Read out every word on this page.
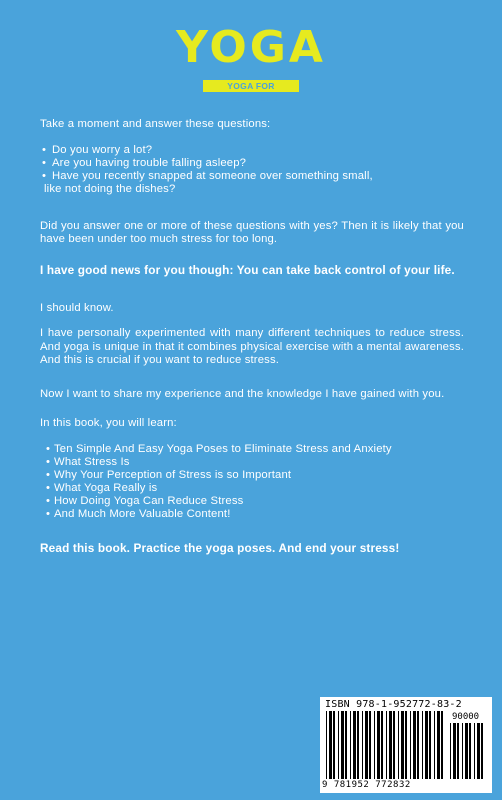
YOGA
YOGA FOR BEGINNERS

Take a moment and answer these questions:

• Do you worry a lot?
• Are you having trouble falling asleep?
• Have you recently snapped at someone over something small,
like not doing the dishes?

Did you answer one or more of these questions with yes? Then it is likely that you have been under too much stress for too long.

I have good news for you though: You can take back control of your life.

I should know.

I have personally experimented with many different techniques to reduce stress. And yoga is unique in that it combines physical exercise with a mental awareness. And this is crucial if you want to reduce stress.

Now I want to share my experience and the knowledge I have gained with you.

In this book, you will learn:

• Ten Simple And Easy Yoga Poses to Eliminate Stress and Anxiety
• What Stress Is
• Why Your Perception of Stress is so Important
• What Yoga Really is
• How Doing Yoga Can Reduce Stress
• And Much More Valuable Content!

Read this book. Practice the yoga poses. And end your stress!

ISBN 978-1-952772-83-2
90000
9 781952 772832
